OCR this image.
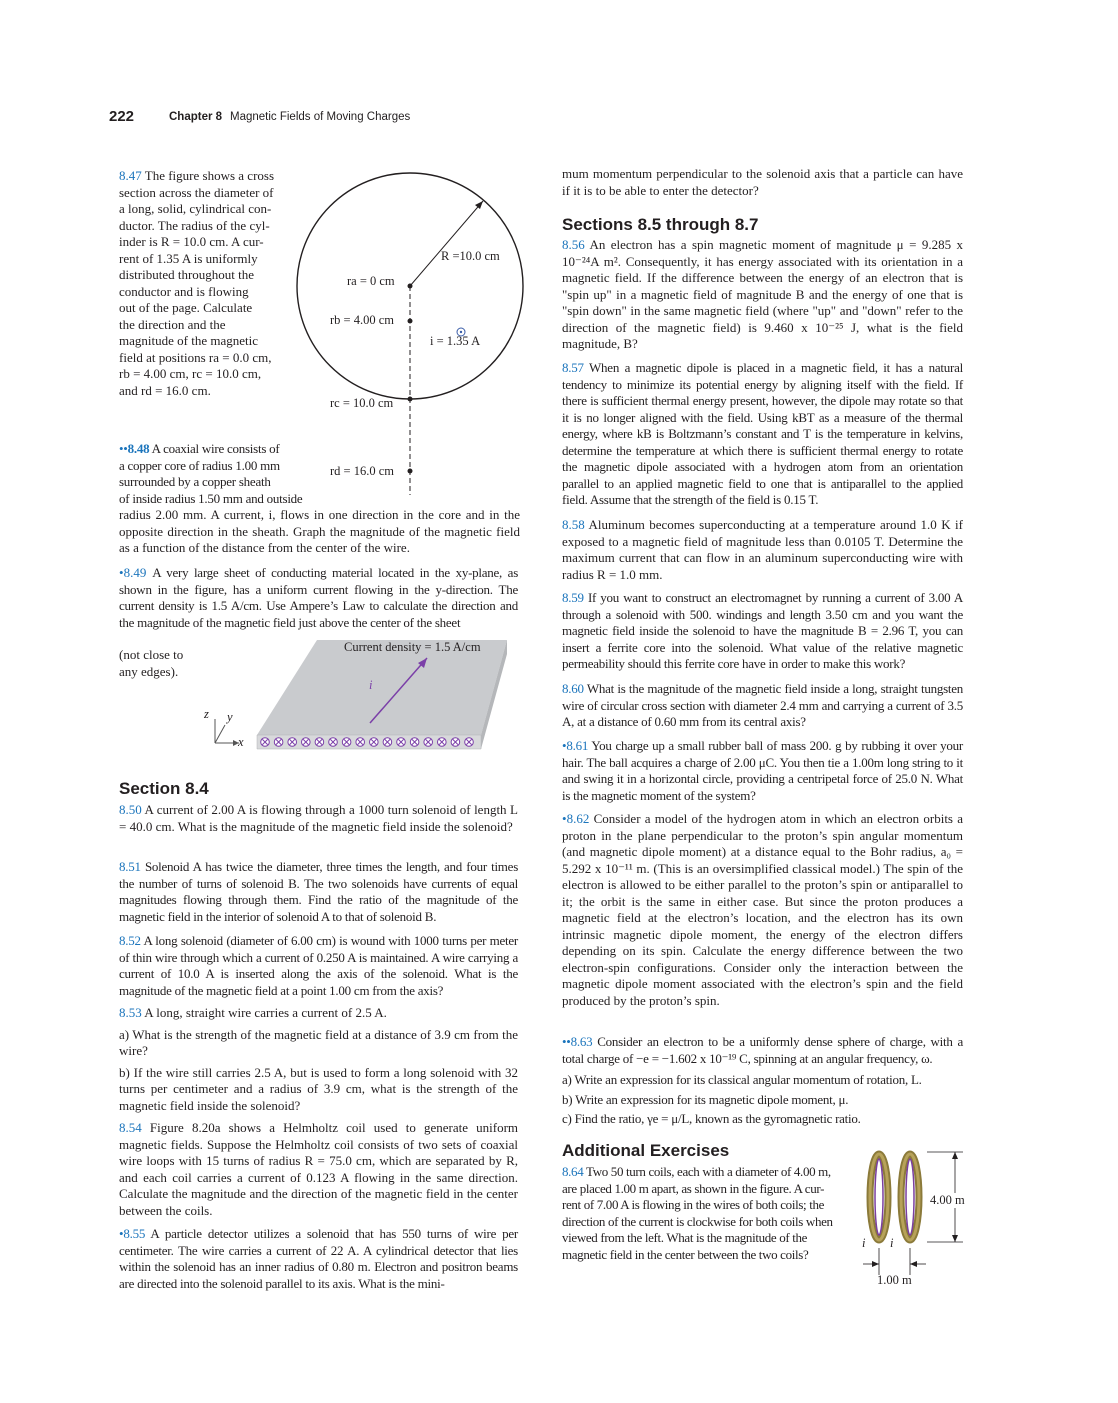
222	Chapter 8 Magnetic Fields of Moving Charges
8.47 The figure shows a cross
section across the diameter of
a long, solid, cylindrical con-
ductor. The radius of the cyl-
inder is R = 10.0 cm. A cur-
rent of 1.35 A is uniformly
distributed throughout the
conductor and is flowing
out of the page. Calculate
the direction and the
magnitude of the magnetic
field at positions ra = 0.0 cm,
rb = 4.00 cm, rc = 10.0 cm,
and rd = 16.0 cm.
R =10.0 cm
ra = 0 cm
rb = 4.00 cm
i = 1.35 A
rc = 10.0 cm
rd = 16.0 cm
••8.48 A coaxial wire consists of
a copper core of radius 1.00 mm
surrounded by a copper sheath
of inside radius 1.50 mm and outside
radius 2.00 mm. A current, i, flows in one direction in the core and in the opposite direction in the sheath. Graph the magnitude of the magnetic field as a function of the distance from the center of the wire.
•8.49 A very large sheet of conducting material located in the xy-plane, as shown in the figure, has a uniform current flowing in the y-direction. The current density is 1.5 A/cm. Use Ampere’s Law to calculate the direction and the magnitude of the magnetic field just above the center of the sheet
(not close to
any edges).
Current density = 1.5 A/cm
i
x
y
z
Section 8.4
8.50 A current of 2.00 A is flowing through a 1000 turn solenoid of length L = 40.0 cm. What is the magnitude of the magnetic field inside the solenoid?
8.51 Solenoid A has twice the diameter, three times the length, and four times the number of turns of solenoid B. The two solenoids have currents of equal magnitudes flowing through them. Find the ratio of the magnitude of the magnetic field in the interior of solenoid A to that of solenoid B.
8.52 A long solenoid (diameter of 6.00 cm) is wound with 1000 turns per meter of thin wire through which a current of 0.250 A is maintained. A wire carrying a current of 10.0 A is inserted along the axis of the solenoid. What is the magnitude of the magnetic field at a point 1.00 cm from the axis?
8.53 A long, straight wire carries a current of 2.5 A.
a) What is the strength of the magnetic field at a distance of 3.9 cm from the wire?
b) If the wire still carries 2.5 A, but is used to form a long solenoid with 32 turns per centimeter and a radius of 3.9 cm, what is the strength of the magnetic field inside the solenoid?
8.54 Figure 8.20a shows a Helmholtz coil used to generate uniform magnetic fields. Suppose the Helmholtz coil consists of two sets of coaxial wire loops with 15 turns of radius R = 75.0 cm, which are separated by R, and each coil carries a current of 0.123 A flowing in the same direction. Calculate the magnitude and the direction of the magnetic field in the center between the coils.
•8.55 A particle detector utilizes a solenoid that has 550 turns of wire per centimeter. The wire carries a current of 22 A. A cylindrical detector that lies within the solenoid has an inner radius of 0.80 m. Electron and positron beams are directed into the solenoid parallel to its axis. What is the mini-
mum momentum perpendicular to the solenoid axis that a particle can have if it is to be able to enter the detector?
Sections 8.5 through 8.7
8.56 An electron has a spin magnetic moment of magnitude μ = 9.285 x 10⁻²⁴A m². Consequently, it has energy associated with its orientation in a magnetic field. If the difference between the energy of an electron that is "spin up" in a magnetic field of magnitude B and the energy of one that is "spin down" in the same magnetic field (where "up" and "down" refer to the direction of the magnetic field) is 9.460 x 10⁻²⁵ J, what is the field magnitude, B?
8.57 When a magnetic dipole is placed in a magnetic field, it has a natural tendency to minimize its potential energy by aligning itself with the field. If there is sufficient thermal energy present, however, the dipole may rotate so that it is no longer aligned with the field. Using kBT as a measure of the thermal energy, where kB is Boltzmann’s constant and T is the temperature in kelvins, determine the temperature at which there is sufficient thermal energy to rotate the magnetic dipole associated with a hydrogen atom from an orientation parallel to an applied magnetic field to one that is antiparallel to the applied field. Assume that the strength of the field is 0.15 T.
8.58 Aluminum becomes superconducting at a temperature around 1.0 K if exposed to a magnetic field of magnitude less than 0.0105 T. Determine the maximum current that can flow in an aluminum superconducting wire with radius R = 1.0 mm.
8.59 If you want to construct an electromagnet by running a current of 3.00 A through a solenoid with 500. windings and length 3.50 cm and you want the magnetic field inside the solenoid to have the magnitude B = 2.96 T, you can insert a ferrite core into the solenoid. What value of the relative magnetic permeability should this ferrite core have in order to make this work?
8.60 What is the magnitude of the magnetic field inside a long, straight tungsten wire of circular cross section with diameter 2.4 mm and carrying a current of 3.5 A, at a distance of 0.60 mm from its central axis?
•8.61 You charge up a small rubber ball of mass 200. g by rubbing it over your hair. The ball acquires a charge of 2.00 μC. You then tie a 1.00m long string to it and swing it in a horizontal circle, providing a centripetal force of 25.0 N. What is the magnetic moment of the system?
•8.62 Consider a model of the hydrogen atom in which an electron orbits a proton in the plane perpendicular to the proton’s spin angular momentum (and magnetic dipole moment) at a distance equal to the Bohr radius, a₀ = 5.292 x 10⁻¹¹ m. (This is an oversimplified classical model.) The spin of the electron is allowed to be either parallel to the proton’s spin or antiparallel to it; the orbit is the same in either case. But since the proton produces a magnetic field at the electron’s location, and the electron has its own intrinsic magnetic dipole moment, the energy of the electron differs depending on its spin. Calculate the energy difference between the two electron-spin configurations. Consider only the interaction between the magnetic dipole moment associated with the electron’s spin and the field produced by the proton’s spin.
••8.63 Consider an electron to be a uniformly dense sphere of charge, with a total charge of −e = −1.602 x 10⁻¹⁹ C, spinning at an angular frequency, ω.
a) Write an expression for its classical angular momentum of rotation, L.
b) Write an expression for its magnetic dipole moment, μ.
c) Find the ratio, γe = μ/L, known as the gyromagnetic ratio.
Additional Exercises
8.64 Two 50 turn coils, each with a diameter of 4.00 m,
are placed 1.00 m apart, as shown in the figure. A cur-
rent of 7.00 A is flowing in the wires of both coils; the
direction of the current is clockwise for both coils when
viewed from the left. What is the magnitude of the
magnetic field in the center between the two coils?
4.00 m
1.00 m
i i
